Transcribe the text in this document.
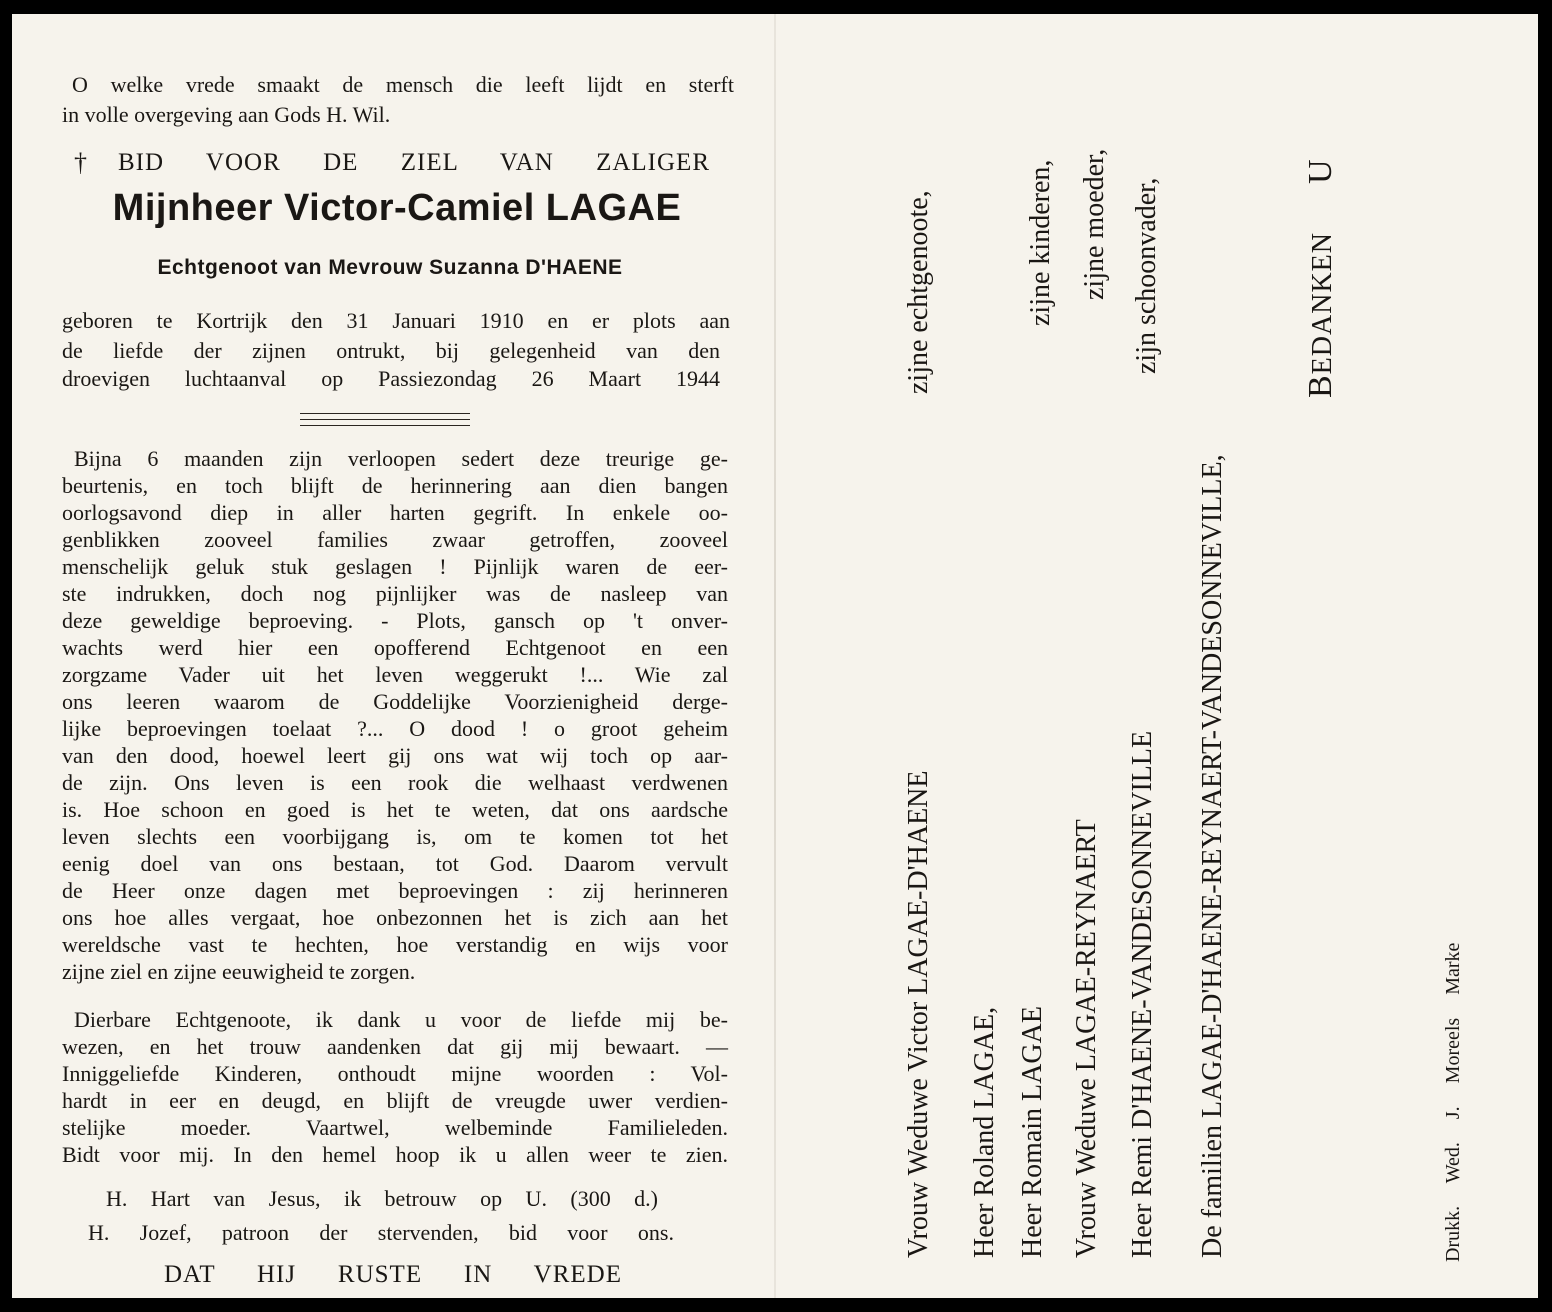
O welke vrede smaakt de mensch die leeft lijdt en sterft

in volle overgeving aan Gods H. Wil.

† BID VOOR DE ZIEL VAN ZALIGER

Mijnheer Victor-Camiel LAGAE

Echtgenoot van Mevrouw Suzanna D'HAENE

geboren te Kortrijk den 31 Januari 1910 en er plots aan

de liefde der zijnen ontrukt, bij gelegenheid van den

droevigen luchtaanval op Passiezondag 26 Maart 1944

Bijna 6 maanden zijn verloopen sedert deze treurige ge-

beurtenis, en toch blijft de herinnering aan dien bangen

oorlogsavond diep in aller harten gegrift. In enkele oo-

genblikken zooveel families zwaar getroffen, zooveel

menschelijk geluk stuk geslagen ! Pijnlijk waren de eer-

ste indrukken, doch nog pijnlijker was de nasleep van

deze geweldige beproeving. - Plots, gansch op 't onver-

wachts werd hier een opofferend Echtgenoot en een

zorgzame Vader uit het leven weggerukt !... Wie zal

ons leeren waarom de Goddelijke Voorzienigheid derge-

lijke beproevingen toelaat ?... O dood ! o groot geheim

van den dood, hoewel leert gij ons wat wij toch op aar-

de zijn. Ons leven is een rook die welhaast verdwenen

is. Hoe schoon en goed is het te weten, dat ons aardsche

leven slechts een voorbijgang is, om te komen tot het

eenig doel van ons bestaan, tot God. Daarom vervult

de Heer onze dagen met beproevingen : zij herinneren

ons hoe alles vergaat, hoe onbezonnen het is zich aan het

wereldsche vast te hechten, hoe verstandig en wijs voor

zijne ziel en zijne eeuwigheid te zorgen.

Dierbare Echtgenoote, ik dank u voor de liefde mij be-

wezen, en het trouw aandenken dat gij mij bewaart. —

Inniggeliefde Kinderen, onthoudt mijne woorden : Vol-

hardt in eer en deugd, en blijft de vreugde uwer verdien-

stelijke moeder. Vaartwel, welbeminde Familieleden.

Bidt voor mij. In den hemel hoop ik u allen weer te zien.

H. Hart van Jesus, ik betrouw op U. (300 d.)

H. Jozef, patroon der stervenden, bid voor ons.

DAT HIJ RUSTE IN VREDE

Vrouw Weduwe Victor LAGAE-D'HAENE

zijne echtgenoote,

Heer Roland LAGAE, Heer Romain LAGAE

zijne kinderen,

Vrouw Weduwe LAGAE-REYNAERT

zijne moeder,

Heer Remi D'HAENE-VANDESONNEVILLE

zijn schoonvader,

De familien LAGAE-D'HAENE-REYNAERT-VANDESONNEVILLE,

BEDANKEN

U

Drukk. Wed. J. Moreels Marke
